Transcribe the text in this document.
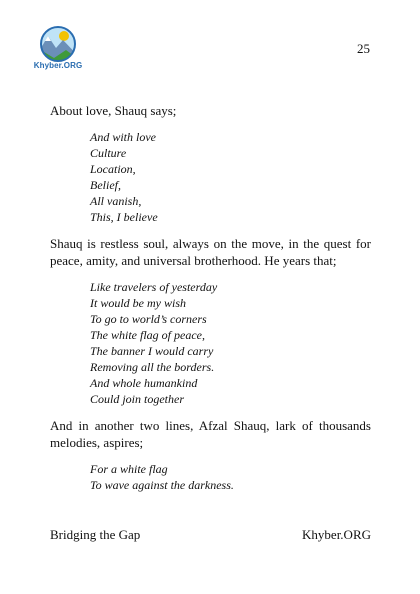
Khyber.ORG
25

About love, Shauq says;

And with love
Culture
Location,
Belief,
All vanish,
This, I believe

Shauq is restless soul, always on the move, in the quest for peace, amity, and universal brotherhood. He years that;

Like travelers of yesterday
It would be my wish
To go to world’s corners
The white flag of peace,
The banner I would carry
Removing all the borders.
And whole humankind
Could join together

And in another two lines, Afzal Shauq, lark of thousands melodies, aspires;

For a white flag
To wave against the darkness.
Bridging the Gap	Khyber.ORG
